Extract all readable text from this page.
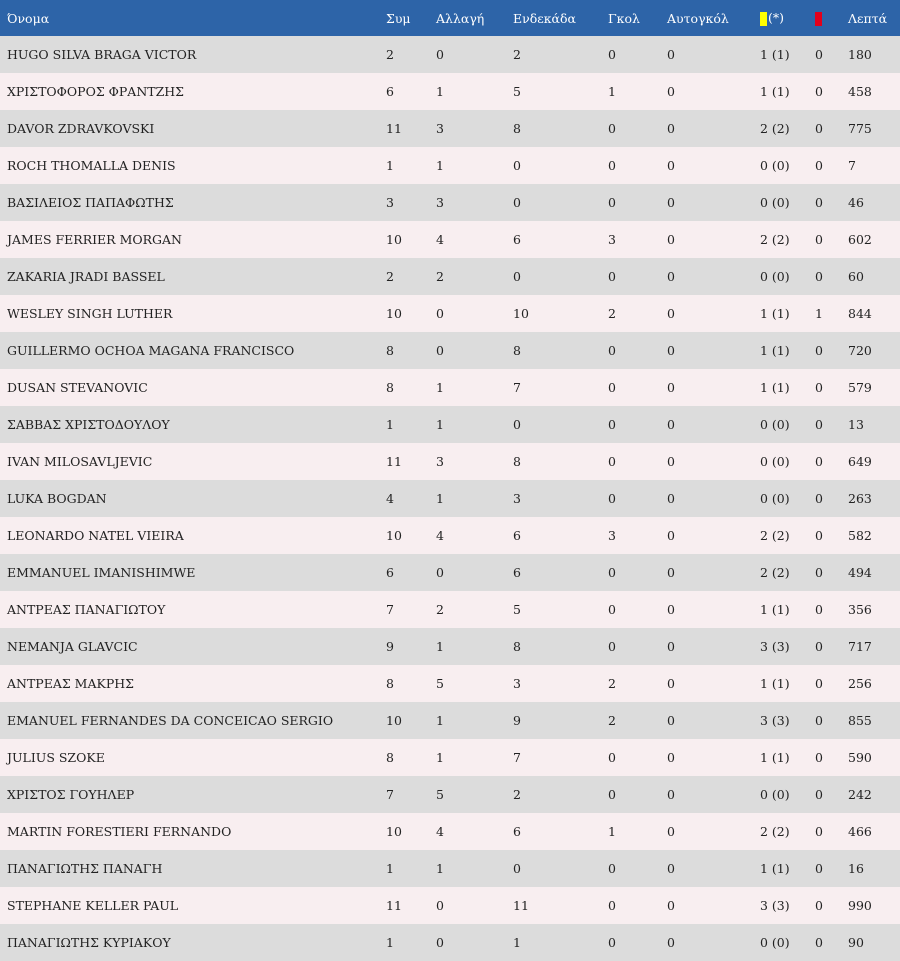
Όνομα	Συμ	Αλλαγή	Ενδεκάδα	Γκολ	Αυτογκόλ	(*)		Λεπτά
HUGO SILVA BRAGA VICTOR	2	0	2	0	0	1 (1)	0	180
ΧΡΙΣΤΟΦΟΡΟΣ ΦΡΑΝΤΖΗΣ	6	1	5	1	0	1 (1)	0	458
DAVOR ZDRAVKOVSKI	11	3	8	0	0	2 (2)	0	775
ROCH THOMALLA DENIS	1	1	0	0	0	0 (0)	0	7
ΒΑΣΙΛΕΙΟΣ ΠΑΠΑΦΩΤΗΣ	3	3	0	0	0	0 (0)	0	46
JAMES FERRIER MORGAN	10	4	6	3	0	2 (2)	0	602
ZAKARIA JRADI BASSEL	2	2	0	0	0	0 (0)	0	60
WESLEY SINGH LUTHER	10	0	10	2	0	1 (1)	1	844
GUILLERMO OCHOA MAGANA FRANCISCO	8	0	8	0	0	1 (1)	0	720
DUSAN STEVANOVIC	8	1	7	0	0	1 (1)	0	579
ΣΑΒΒΑΣ ΧΡΙΣΤΟΔΟΥΛΟΥ	1	1	0	0	0	0 (0)	0	13
IVAN MILOSAVLJEVIC	11	3	8	0	0	0 (0)	0	649
LUKA BOGDAN	4	1	3	0	0	0 (0)	0	263
LEONARDO NATEL VIEIRA	10	4	6	3	0	2 (2)	0	582
EMMANUEL IMANISHIMWE	6	0	6	0	0	2 (2)	0	494
ΑΝΤΡΕΑΣ ΠΑΝΑΓΙΩΤΟΥ	7	2	5	0	0	1 (1)	0	356
NEMANJA GLAVCIC	9	1	8	0	0	3 (3)	0	717
ΑΝΤΡΕΑΣ ΜΑΚΡΗΣ	8	5	3	2	0	1 (1)	0	256
EMANUEL FERNANDES DA CONCEICAO SERGIO	10	1	9	2	0	3 (3)	0	855
JULIUS SZOKE	8	1	7	0	0	1 (1)	0	590
ΧΡΙΣΤΟΣ ΓΟΥΗΛΕΡ	7	5	2	0	0	0 (0)	0	242
MARTIN FORESTIERI FERNANDO	10	4	6	1	0	2 (2)	0	466
ΠΑΝΑΓΙΩΤΗΣ ΠΑΝΑΓΗ	1	1	0	0	0	1 (1)	0	16
STEPHANE KELLER PAUL	11	0	11	0	0	3 (3)	0	990
ΠΑΝΑΓΙΩΤΗΣ ΚΥΡΙΑΚΟΥ	1	0	1	0	0	0 (0)	0	90
